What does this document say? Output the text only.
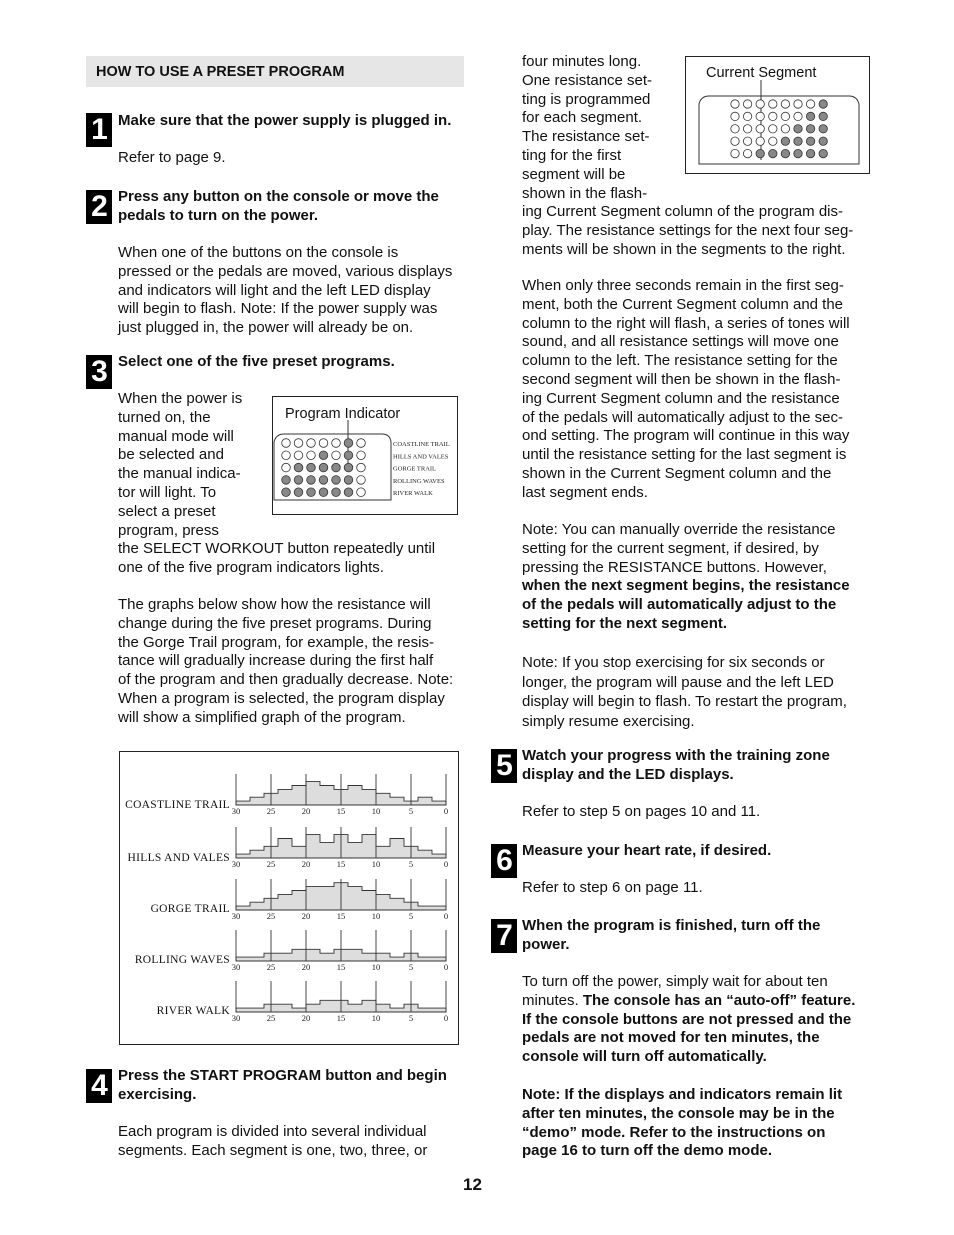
HOW TO USE A PRESET PROGRAM
1 Make sure that the power supply is plugged in.
Refer to page 9.
2 Press any button on the console or move the

pedals to turn on the power.

When one of the buttons on the console is

pressed or the pedals are moved, various displays

and indicators will light and the left LED display

will begin to flash. Note: If the power supply was

just plugged in, the power will already be on.

3 Select one of the five preset programs.

When the power is

turned on, the

manual mode will

be selected and

the manual indica-

tor will light. To

select a preset

program, press

the SELECT WORKOUT button repeatedly until

one of the five program indicators lights.

The graphs below show how the resistance will

change during the five preset programs. During

the Gorge Trail program, for example, the resis-

tance will gradually increase during the first half

of the program and then gradually decrease. Note:

When a program is selected, the program display

will show a simplified graph of the program.

Program Indicator
COASTLINE TRAIL
HILLS AND VALES
GORGE TRAIL
ROLLING WAVES
RIVER WALK
COASTLINE TRAIL
HILLS AND VALES
GORGE TRAIL
ROLLING WAVES
RIVER WALK
30	25	20	15	10	5	0
30	25	20	15	10	5	0
30	25	20	15	10	5	0
30	25	20	15	10	5	0
30	25	20	15	10	5	0
4 Press the START PROGRAM button and begin

exercising.

Each program is divided into several individual

segments. Each segment is one, two, three, or

four minutes long.

One resistance set-

ting is programmed

for each segment.

The resistance set-

ting for the first

segment will be

shown in the flash-

Current Segment

ing Current Segment column of the program dis-

play. The resistance settings for the next four seg-

ments will be shown in the segments to the right.

When only three seconds remain in the first seg-

ment, both the Current Segment column and the

column to the right will flash, a series of tones will

sound, and all resistance settings will move one

column to the left. The resistance setting for the

second segment will then be shown in the flash-

ing Current Segment column and the resistance

of the pedals will automatically adjust to the sec-

ond setting. The program will continue in this way

until the resistance setting for the last segment is

shown in the Current Segment column and the

last segment ends.

Note: You can manually override the resistance

setting for the current segment, if desired, by

pressing the RESISTANCE buttons. However,

when the next segment begins, the resistance

of the pedals will automatically adjust to the

setting for the next segment.

Note: If you stop exercising for six seconds or

longer, the program will pause and the left LED

display will begin to flash. To restart the program,

simply resume exercising.

5 Watch your progress with the training zone

display and the LED displays.

Refer to step 5 on pages 10 and 11.
6 Measure your heart rate, if desired.
Refer to step 6 on page 11.
7 When the program is finished, turn off the

power.

To turn off the power, simply wait for about ten

minutes. The console has an “auto-off” feature.

If the console buttons are not pressed and the

pedals are not moved for ten minutes, the

console will turn off automatically.

Note: If the displays and indicators remain lit

after ten minutes, the console may be in the

“demo” mode. Refer to the instructions on

page 16 to turn off the demo mode.

12
